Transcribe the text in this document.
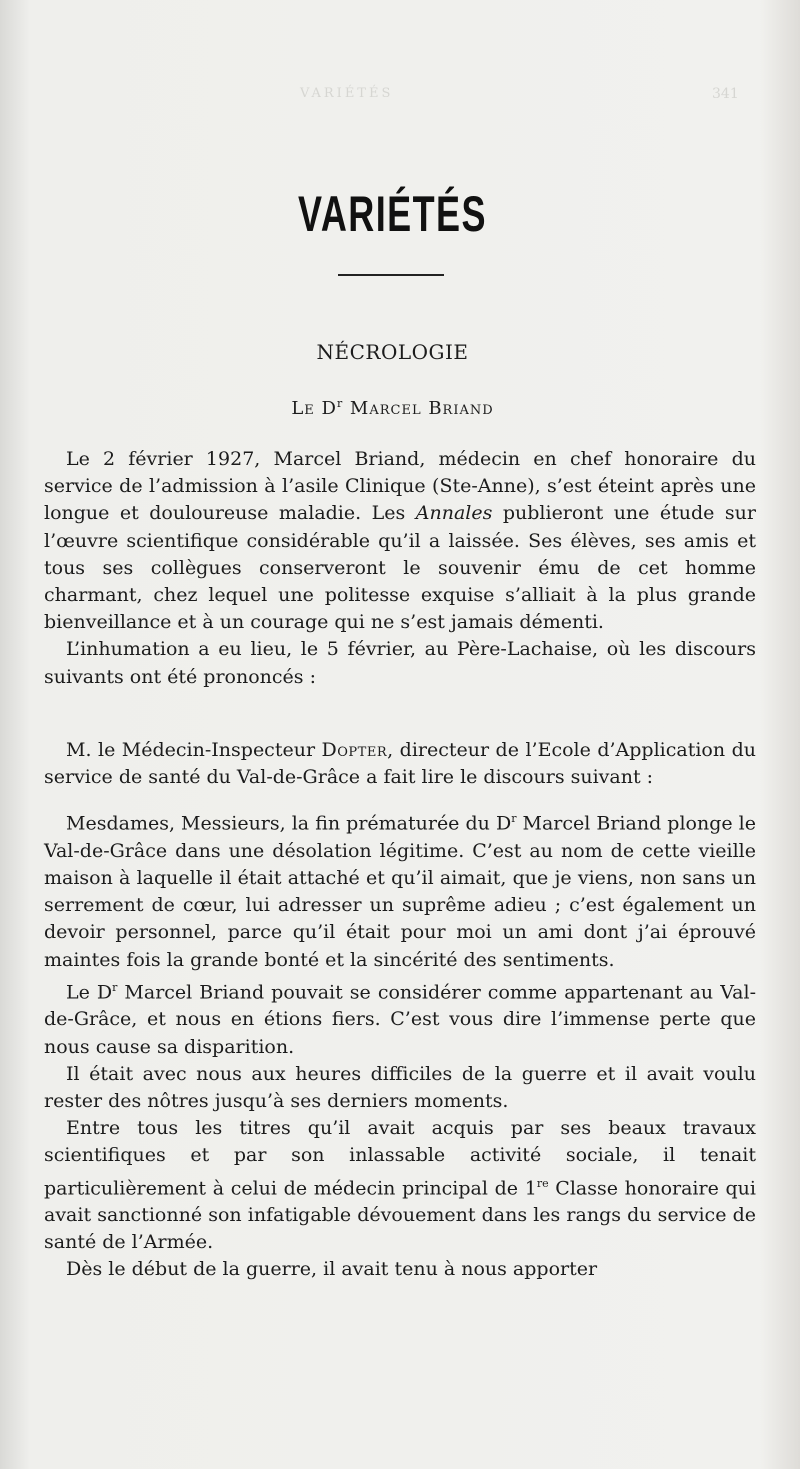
VARIÉTÉS	341
VARIÉTÉS
NÉCROLOGIE
Le $D^r$ Marcel Briand

Le 2 février 1927, Marcel Briand, médecin en chef honoraire du service de l’admission à l’asile Clinique (Ste-Anne), s’est éteint après une longue et douloureuse maladie. Les Annales publieront une étude sur l’œuvre scientifique considérable qu’il a laissée. Ses élèves, ses amis et tous ses collègues conserveront le souvenir ému de cet homme charmant, chez lequel une politesse exquise s’alliait à la plus grande bienveillance et à un courage qui ne s’est jamais démenti.

L’inhumation a eu lieu, le 5 février, au Père-Lachaise, où les discours suivants ont été prononcés :

M. le Médecin-Inspecteur Dopter, directeur de l’Ecole d’Application du service de santé du Val-de-Grâce a fait lire le discours suivant :

Mesdames, Messieurs, la fin prématurée du $D^r$ Marcel Briand plonge le Val-de-Grâce dans une désolation légitime. C’est au nom de cette vieille maison à laquelle il était attaché et qu’il aimait, que je viens, non sans un serrement de cœur, lui adresser un suprême adieu ; c’est également un devoir personnel, parce qu’il était pour moi un ami dont j’ai éprouvé maintes fois la grande bonté et la sincérité des sentiments.

Le $D^r$ Marcel Briand pouvait se considérer comme appartenant au Val-de-Grâce, et nous en étions fiers. C’est vous dire l’immense perte que nous cause sa disparition.

Il était avec nous aux heures difficiles de la guerre et il avait voulu rester des nôtres jusqu’à ses derniers moments.

Entre tous les titres qu’il avait acquis par ses beaux travaux scientifiques et par son inlassable activité sociale, il tenait particulièrement à celui de médecin principal de 1re Classe honoraire qui avait sanctionné son infatigable dévouement dans les rangs du service de santé de l’Armée.

Dès le début de la guerre, il avait tenu à nous apporter
